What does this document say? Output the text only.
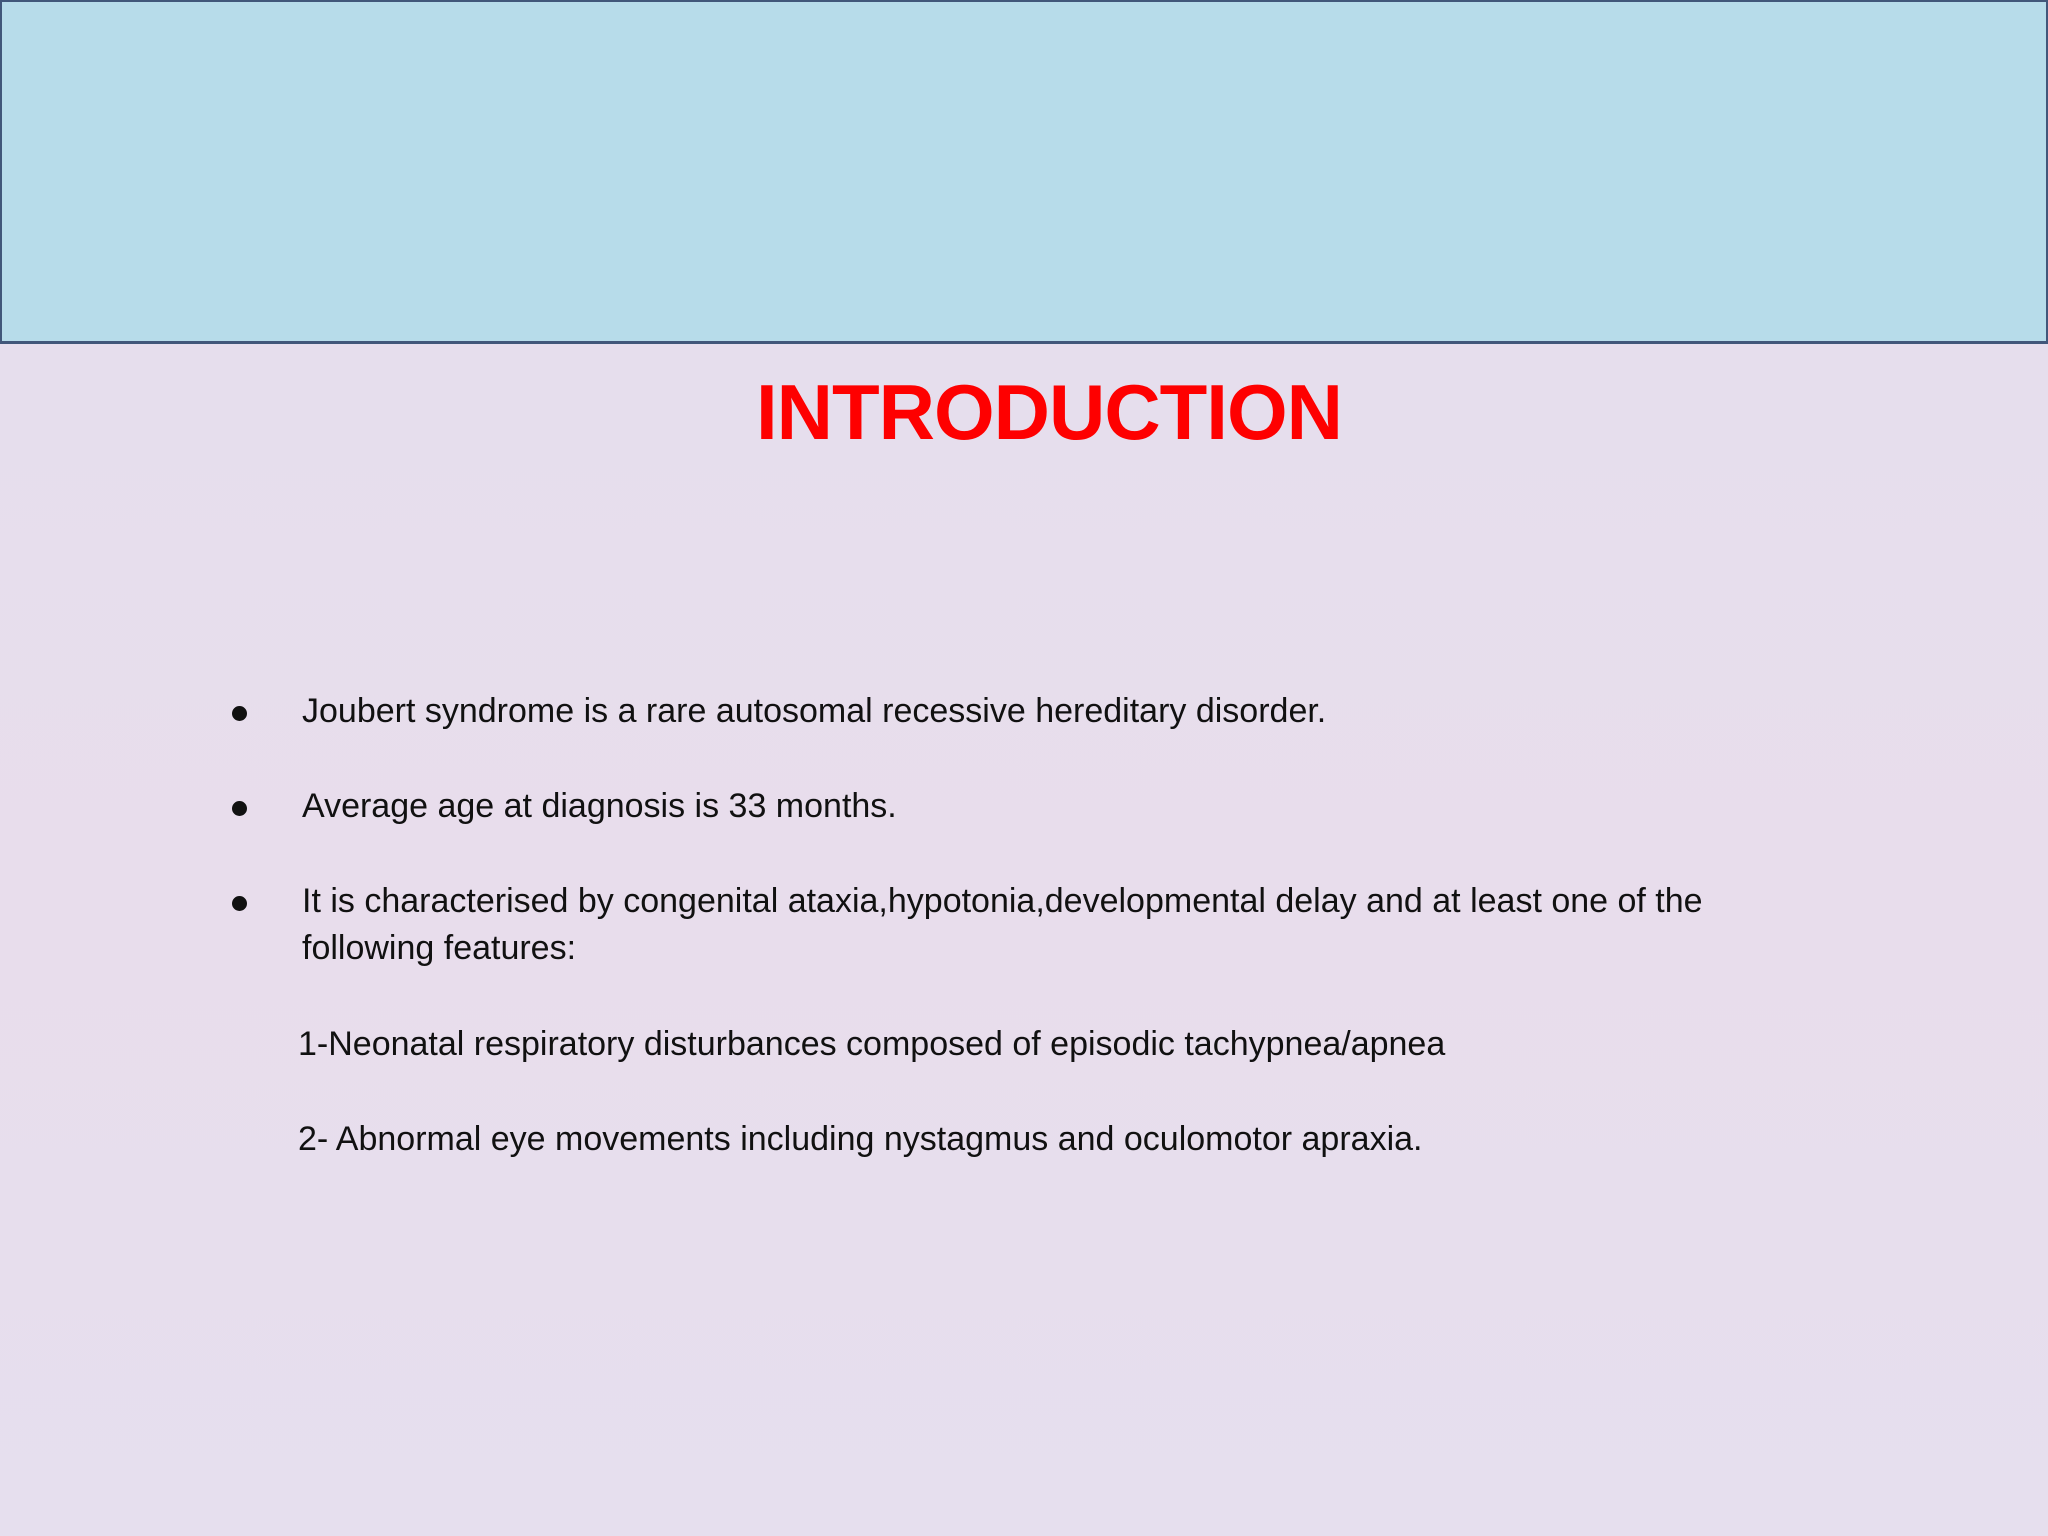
INTRODUCTION
Joubert syndrome is a rare autosomal recessive hereditary disorder.
Average age at diagnosis is 33 months.
It is characterised by congenital ataxia,hypotonia,developmental delay and at least one of the following features:
1-Neonatal respiratory disturbances composed of episodic tachypnea/apnea
2- Abnormal eye movements including nystagmus and oculomotor apraxia.
